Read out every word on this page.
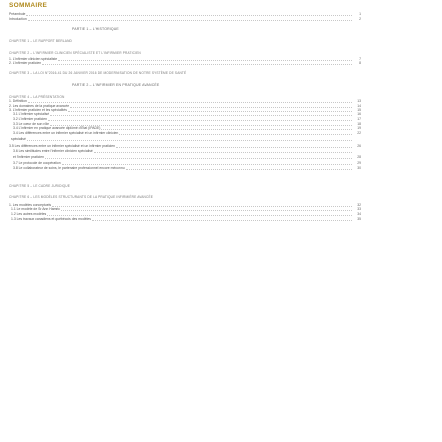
SOMMAIRE
Préambule	1
Introduction	2
PARTIE 1 – L'HISTORIQUE
CHAPITRE 1 – LE RAPPORT BERLAND
CHAPITRE 2 – L'INFIRMIER CLINICIEN SPÉCIALISTE ET L'INFIRMIER PRATICIEN
1. L'infirmier clinicien spécialiste	7
2. L'infirmier praticien	8
CHAPITRE 3 – LA LOI N°2016-41 DU 26 JANVIER 2016 DE MODERNISATION DE NOTRE SYSTÈME DE SANTÉ
PARTIE 2 – L'INFIRMIER EN PRATIQUE AVANCÉE
CHAPITRE 4 – LA PRÉSENTATION
1. Définition	13
2. Les domaines de la pratique avancée	14
3. L'infirmier praticien et les spécialités	15
3.1 L'infirmier spécialisé	16
3.2 L'infirmier praticien	17
3.3 Le cœur de son rôle	18
3.4 L'infirmier en pratique avancée diplômé d'État (IPADE)	19
3.4 Les différences entre un infirmier spécialisé et un infirmier clinicien	22
spécialisé
3.5 Les différences entre un infirmier spécialisé et un infirmier praticien	26
3.6 Les similitudes entre l'infirmier clinicien spécialisé
et l'infirmier praticien	28
3.7 Le protocole de coopération	29
3.8 Le collaborateur de soins, le partenaire professionnel encore méconnu	30
CHAPITRE 5 – LE CADRE JURIDIQUE
CHAPITRE 6 – LES MODÈLES STRUCTURANTS DE LA PRATIQUE INFIRMIÈRE AVANCÉE
1. Les modèles conceptuels	32
1.1 Le modèle de Sr Ann Hamric	33
1.2 Les autres modèles	34
1.3 Les travaux canadiens et québécois des modèles	35
